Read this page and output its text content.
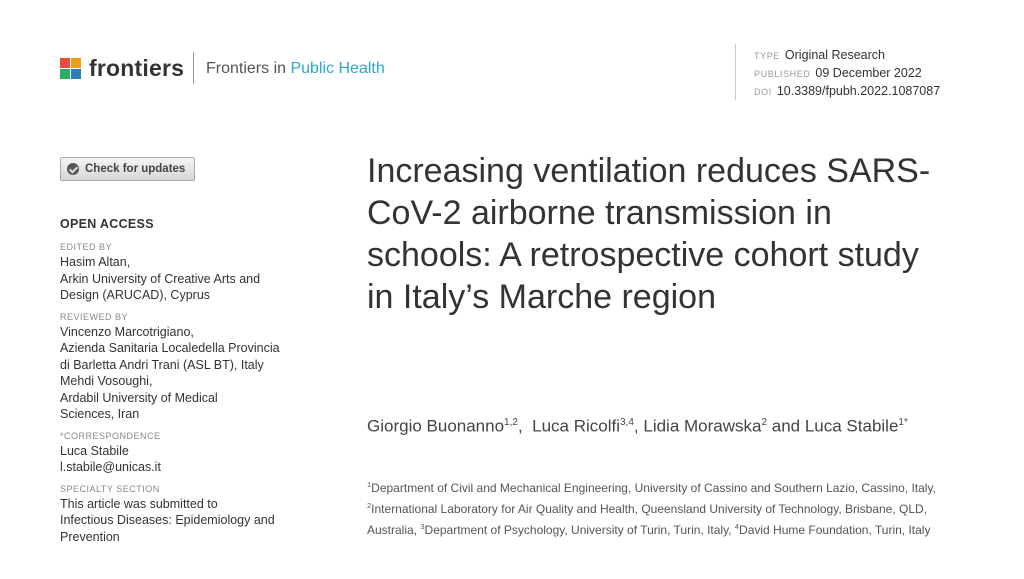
frontiers Frontiers in Public Health
TYPE Original Research
PUBLISHED 09 December 2022
DOI 10.3389/fpubh.2022.1087087
Check for updates
OPEN ACCESS
EDITED BY
Hasim Altan,
Arkin University of Creative Arts and
Design (ARUCAD), Cyprus
REVIEWED BY
Vincenzo Marcotrigiano,
Azienda Sanitaria Localedella Provincia
di Barletta Andri Trani (ASL BT), Italy
Mehdi Vosoughi,
Ardabil University of Medical
Sciences, Iran
*CORRESPONDENCE
Luca Stabile
l.stabile@unicas.it
SPECIALTY SECTION
This article was submitted to
Infectious Diseases: Epidemiology and
Prevention
Increasing ventilation reduces SARS-CoV-2 airborne transmission in schools: A retrospective cohort study in Italy’s Marche region
Giorgio Buonanno$^{1,2}$,  Luca Ricolfi$^{3,4}$, Lidia Morawska$^2$ and Luca Stabile$^{1*}$
$^1$Department of Civil and Mechanical Engineering, University of Cassino and Southern Lazio, Cassino, Italy, $^2$International Laboratory for Air Quality and Health, Queensland University of Technology, Brisbane, QLD, Australia, $^3$Department of Psychology, University of Turin, Turin, Italy, $^4$David Hume Foundation, Turin, Italy
